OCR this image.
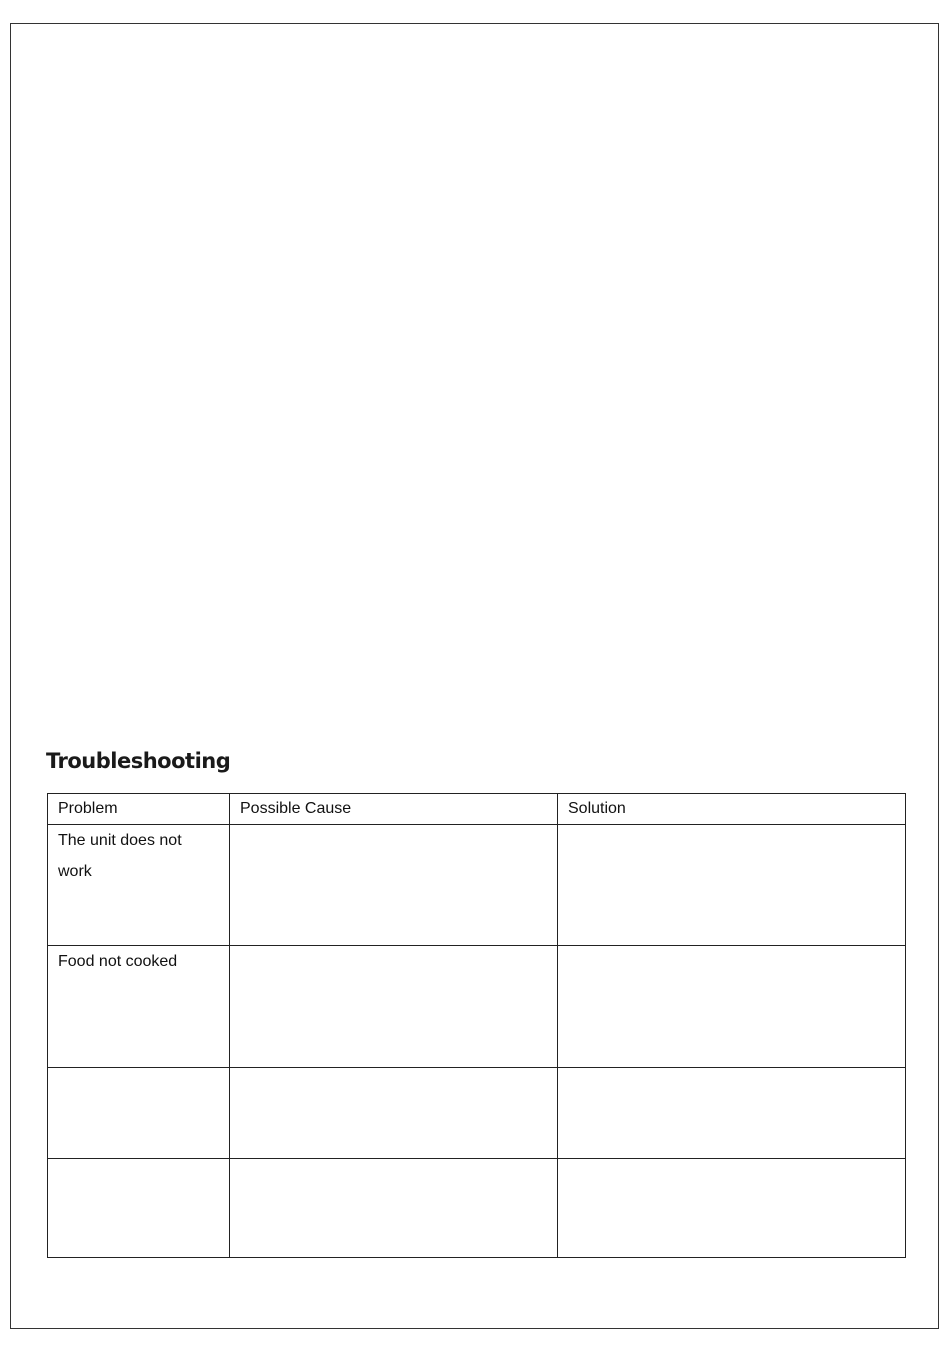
Troubleshooting
Problem	Possible Cause	Solution
The unit does not work		
Food not cooked		
